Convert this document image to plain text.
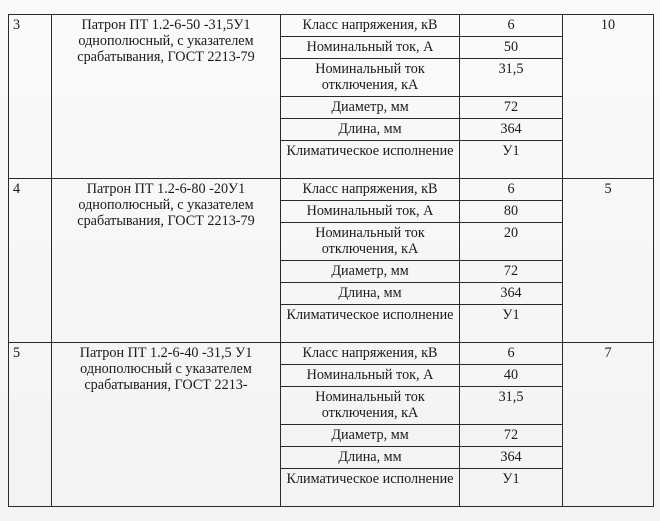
3	Патрон ПТ 1.2-6-50 -31,5У1 однополюсный, с указателем срабатывания, ГОСТ 2213-79	Класс напряжения, кВ	6	10
		Номинальный ток, А	50	
		Номинальный ток отключения, кА	31,5	
		Диаметр, мм	72	
		Длина, мм	364	
		Климатическое исполнение	У1	
4	Патрон ПТ 1.2-6-80 -20У1 однополюсный, с указателем срабатывания, ГОСТ 2213-79	Класс напряжения, кВ	6	5
		Номинальный ток, А	80	
		Номинальный ток отключения, кА	20	
		Диаметр, мм	72	
		Длина, мм	364	
		Климатическое исполнение	У1	
5	Патрон ПТ 1.2-6-40 -31,5 У1 однополюсный с указателем срабатывания, ГОСТ 2213-	Класс напряжения, кВ	6	7
		Номинальный ток, А	40	
		Номинальный ток отключения, кА	31,5	
		Диаметр, мм	72	
		Длина, мм	364	
		Климатическое исполнение	У1	
